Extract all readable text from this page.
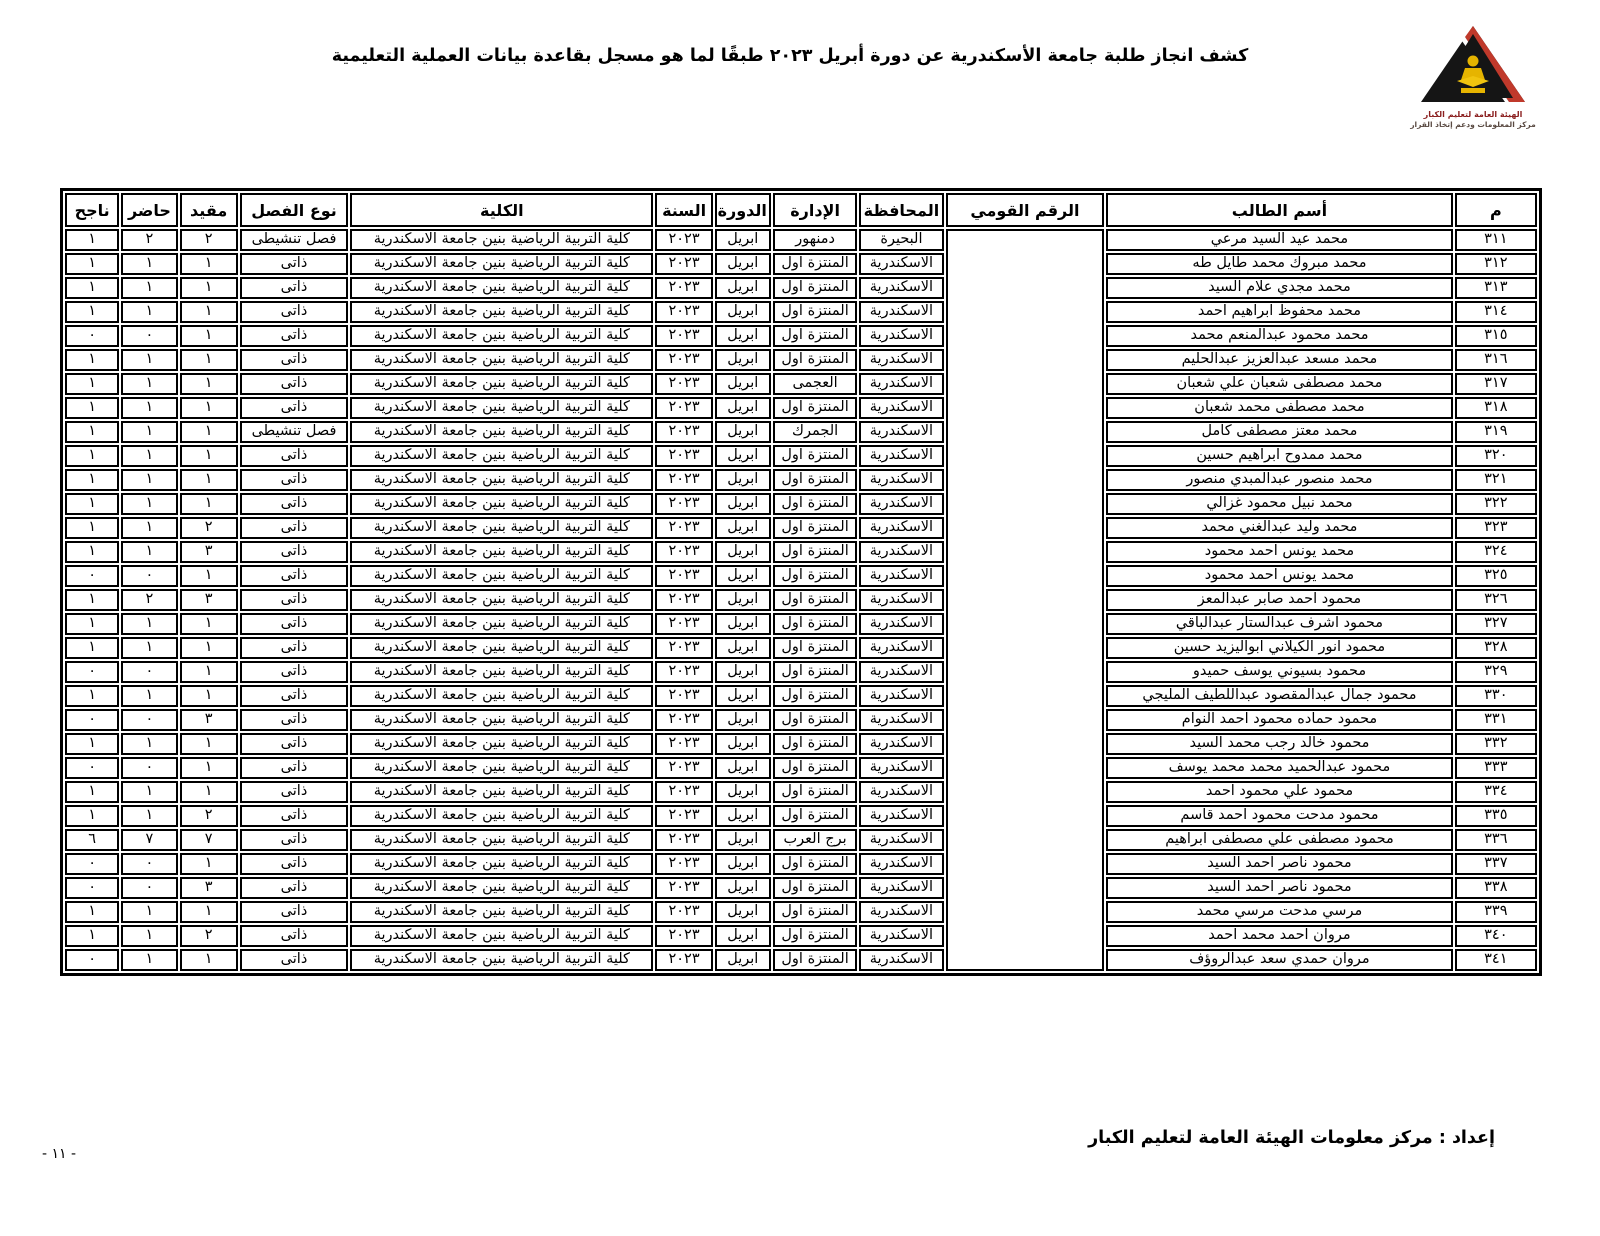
كشف انجاز طلبة جامعة الأسكندرية عن دورة أبريل ٢٠٢٣ طبقًا لما هو مسجل بقاعدة بيانات العملية التعليمية
الهيئة العامة لتعليم الكبار
مركز المعلومات ودعم إتخاذ القرار
م	أسم الطالب	الرقم القومي	المحافظة	الإدارة	الدورة	السنة	الكلية	نوع الفصل	مقيد	حاضر	ناجح
٣١١	محمد عيد السيد مرعي		البحيرة	دمنهور	ابريل	٢٠٢٣	كلية التربية الرياضية بنين جامعة الاسكندرية	فصل تنشيطى	٢	٢	١
٣١٢	محمد مبروك محمد طايل طه		الاسكندرية	المنتزة اول	ابريل	٢٠٢٣	كلية التربية الرياضية بنين جامعة الاسكندرية	ذاتى	١	١	١
٣١٣	محمد مجدي علام السيد		الاسكندرية	المنتزة اول	ابريل	٢٠٢٣	كلية التربية الرياضية بنين جامعة الاسكندرية	ذاتى	١	١	١
٣١٤	محمد محفوظ ابراهيم احمد		الاسكندرية	المنتزة اول	ابريل	٢٠٢٣	كلية التربية الرياضية بنين جامعة الاسكندرية	ذاتى	١	١	١
٣١٥	محمد محمود عبدالمنعم محمد		الاسكندرية	المنتزة اول	ابريل	٢٠٢٣	كلية التربية الرياضية بنين جامعة الاسكندرية	ذاتى	١	٠	٠
٣١٦	محمد مسعد عبدالعزيز عبدالحليم		الاسكندرية	المنتزة اول	ابريل	٢٠٢٣	كلية التربية الرياضية بنين جامعة الاسكندرية	ذاتى	١	١	١
٣١٧	محمد مصطفى شعبان علي شعبان		الاسكندرية	العجمى	ابريل	٢٠٢٣	كلية التربية الرياضية بنين جامعة الاسكندرية	ذاتى	١	١	١
٣١٨	محمد مصطفى محمد شعبان		الاسكندرية	المنتزة اول	ابريل	٢٠٢٣	كلية التربية الرياضية بنين جامعة الاسكندرية	ذاتى	١	١	١
٣١٩	محمد معتز مصطفى كامل		الاسكندرية	الجمرك	ابريل	٢٠٢٣	كلية التربية الرياضية بنين جامعة الاسكندرية	فصل تنشيطى	١	١	١
٣٢٠	محمد ممدوح ابراهيم حسين		الاسكندرية	المنتزة اول	ابريل	٢٠٢٣	كلية التربية الرياضية بنين جامعة الاسكندرية	ذاتى	١	١	١
٣٢١	محمد منصور عبدالمبدي منصور		الاسكندرية	المنتزة اول	ابريل	٢٠٢٣	كلية التربية الرياضية بنين جامعة الاسكندرية	ذاتى	١	١	١
٣٢٢	محمد نبيل محمود غزالي		الاسكندرية	المنتزة اول	ابريل	٢٠٢٣	كلية التربية الرياضية بنين جامعة الاسكندرية	ذاتى	١	١	١
٣٢٣	محمد وليد عبدالغني محمد		الاسكندرية	المنتزة اول	ابريل	٢٠٢٣	كلية التربية الرياضية بنين جامعة الاسكندرية	ذاتى	٢	١	١
٣٢٤	محمد يونس احمد محمود		الاسكندرية	المنتزة اول	ابريل	٢٠٢٣	كلية التربية الرياضية بنين جامعة الاسكندرية	ذاتى	٣	١	١
٣٢٥	محمد يونس احمد محمود		الاسكندرية	المنتزة اول	ابريل	٢٠٢٣	كلية التربية الرياضية بنين جامعة الاسكندرية	ذاتى	١	٠	٠
٣٢٦	محمود احمد صابر عبدالمعز		الاسكندرية	المنتزة اول	ابريل	٢٠٢٣	كلية التربية الرياضية بنين جامعة الاسكندرية	ذاتى	٣	٢	١
٣٢٧	محمود اشرف عبدالستار عبدالباقي		الاسكندرية	المنتزة اول	ابريل	٢٠٢٣	كلية التربية الرياضية بنين جامعة الاسكندرية	ذاتى	١	١	١
٣٢٨	محمود انور الكيلاني ابواليزيد حسين		الاسكندرية	المنتزة اول	ابريل	٢٠٢٣	كلية التربية الرياضية بنين جامعة الاسكندرية	ذاتى	١	١	١
٣٢٩	محمود بسيوني يوسف حميدو		الاسكندرية	المنتزة اول	ابريل	٢٠٢٣	كلية التربية الرياضية بنين جامعة الاسكندرية	ذاتى	١	٠	٠
٣٣٠	محمود جمال عبدالمقصود عبداللطيف المليجي		الاسكندرية	المنتزة اول	ابريل	٢٠٢٣	كلية التربية الرياضية بنين جامعة الاسكندرية	ذاتى	١	١	١
٣٣١	محمود حماده محمود احمد النوام		الاسكندرية	المنتزة اول	ابريل	٢٠٢٣	كلية التربية الرياضية بنين جامعة الاسكندرية	ذاتى	٣	٠	٠
٣٣٢	محمود خالد رجب محمد السيد		الاسكندرية	المنتزة اول	ابريل	٢٠٢٣	كلية التربية الرياضية بنين جامعة الاسكندرية	ذاتى	١	١	١
٣٣٣	محمود عبدالحميد محمد محمد يوسف		الاسكندرية	المنتزة اول	ابريل	٢٠٢٣	كلية التربية الرياضية بنين جامعة الاسكندرية	ذاتى	١	٠	٠
٣٣٤	محمود علي محمود احمد		الاسكندرية	المنتزة اول	ابريل	٢٠٢٣	كلية التربية الرياضية بنين جامعة الاسكندرية	ذاتى	١	١	١
٣٣٥	محمود مدحت محمود احمد قاسم		الاسكندرية	المنتزة اول	ابريل	٢٠٢٣	كلية التربية الرياضية بنين جامعة الاسكندرية	ذاتى	٢	١	١
٣٣٦	محمود مصطفى علي مصطفى ابراهيم		الاسكندرية	برج العرب	ابريل	٢٠٢٣	كلية التربية الرياضية بنين جامعة الاسكندرية	ذاتى	٧	٧	٦
٣٣٧	محمود ناصر احمد السيد		الاسكندرية	المنتزة اول	ابريل	٢٠٢٣	كلية التربية الرياضية بنين جامعة الاسكندرية	ذاتى	١	٠	٠
٣٣٨	محمود ناصر احمد السيد		الاسكندرية	المنتزة اول	ابريل	٢٠٢٣	كلية التربية الرياضية بنين جامعة الاسكندرية	ذاتى	٣	٠	٠
٣٣٩	مرسي مدحت مرسي محمد		الاسكندرية	المنتزة اول	ابريل	٢٠٢٣	كلية التربية الرياضية بنين جامعة الاسكندرية	ذاتى	١	١	١
٣٤٠	مروان احمد محمد احمد		الاسكندرية	المنتزة اول	ابريل	٢٠٢٣	كلية التربية الرياضية بنين جامعة الاسكندرية	ذاتى	٢	١	١
٣٤١	مروان حمدي سعد عبدالروؤف		الاسكندرية	المنتزة اول	ابريل	٢٠٢٣	كلية التربية الرياضية بنين جامعة الاسكندرية	ذاتى	١	١	٠
إعداد : مركز معلومات الهيئة العامة لتعليم الكبار
- ١١ -
